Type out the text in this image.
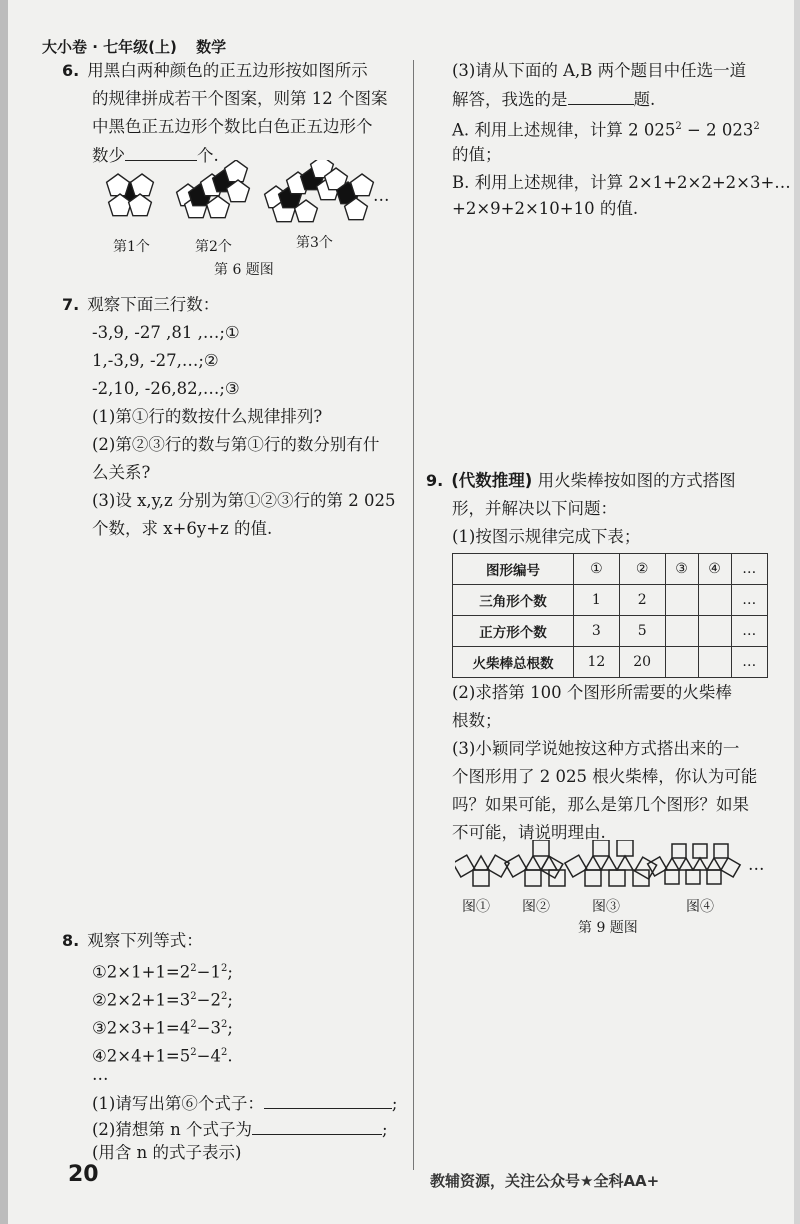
大小卷 · 七年级(上) 数学
6. 用黑白两种颜色的正五边形按如图所示
的规律拼成若干个图案，则第 12 个图案
中黑色正五边形个数比白色正五边形个
数少	个.
…
第1个	第2个	第3个
第 6 题图
7. 观察下面三行数：
-3,9, -27 ,81 ,…;①
1,-3,9, -27,…;②
-2,10, -26,82,…;③
(1)第①行的数按什么规律排列?
(2)第②③行的数与第①行的数分别有什
么关系?
(3)设 x,y,z 分别为第①②③行的第 2 025
个数，求 x+6y+z 的值.
8. 观察下列等式：
$①2\times 1+1=2^2-1^2$;
$②2\times 2+1=3^2-2^2$;
$③2\times 3+1=4^2-3^2$;
$④2\times 4+1=5^2-4^2$.
…
(1)请写出第⑥个式子：	;
(2)猜想第 n 个式子为	;
(用含 n 的式子表示)
(3)请从下面的 A,B 两个题目中任选一道
解答，我选的是	题.
A. 利用上述规律，计算 2 $025^2 - 2$ $023^2$
的值；
B. 利用上述规律，计算 2×1+2×2+2×3+…
+2×9+2×10+10 的值.
9. (代数推理) 用火柴棒按如图的方式搭图
形，并解决以下问题：
(1)按图示规律完成下表；
图形编号	①	②	③	④	…
三角形个数	1	2			…
正方形个数	3	5			…
火柴棒总根数	12	20			…
(2)求搭第 100 个图形所需要的火柴棒
根数；
(3)小颖同学说她按这种方式搭出来的一
个图形用了 2 025 根火柴棒，你认为可能
吗？如果可能，那么是第几个图形？如果
不可能，请说明理由.
…
图① 图②	图③	图④
第 9 题图
20	教辅资源，关注公众号★全科AA+
